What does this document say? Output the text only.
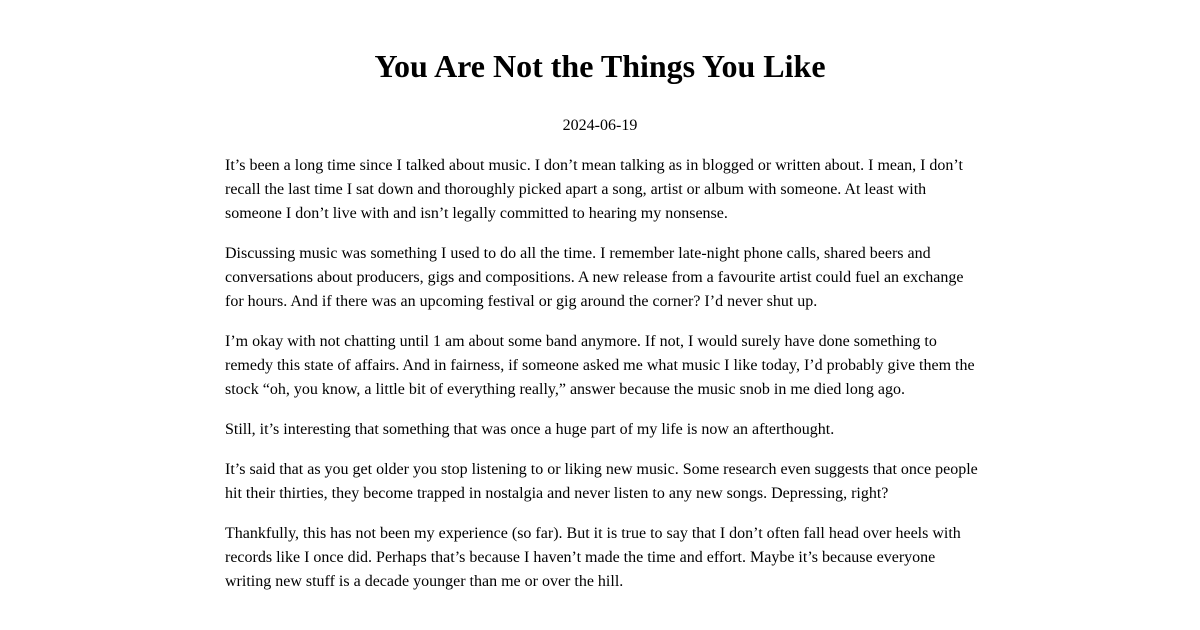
You Are Not the Things You Like
2024-06-19

It’s been a long time since I talked about music. I don’t mean talking as in blogged or written about. I mean, I don’t recall the last time I sat down and thoroughly picked apart a song, artist or album with someone. At least with someone I don’t live with and isn’t legally committed to hearing my nonsense.

Discussing music was something I used to do all the time. I remember late-night phone calls, shared beers and conversations about producers, gigs and compositions. A new release from a favourite artist could fuel an exchange for hours. And if there was an upcoming festival or gig around the corner? I’d never shut up.

I’m okay with not chatting until 1 am about some band anymore. If not, I would surely have done something to remedy this state of affairs. And in fairness, if someone asked me what music I like today, I’d probably give them the stock “oh, you know, a little bit of everything really,” answer because the music snob in me died long ago.

Still, it’s interesting that something that was once a huge part of my life is now an afterthought.

It’s said that as you get older you stop listening to or liking new music. Some research even suggests that once people hit their thirties, they become trapped in nostalgia and never listen to any new songs. Depressing, right?

Thankfully, this has not been my experience (so far). But it is true to say that I don’t often fall head over heels with records like I once did. Perhaps that’s because I haven’t made the time and effort. Maybe it’s because everyone writing new stuff is a decade younger than me or over the hill.
